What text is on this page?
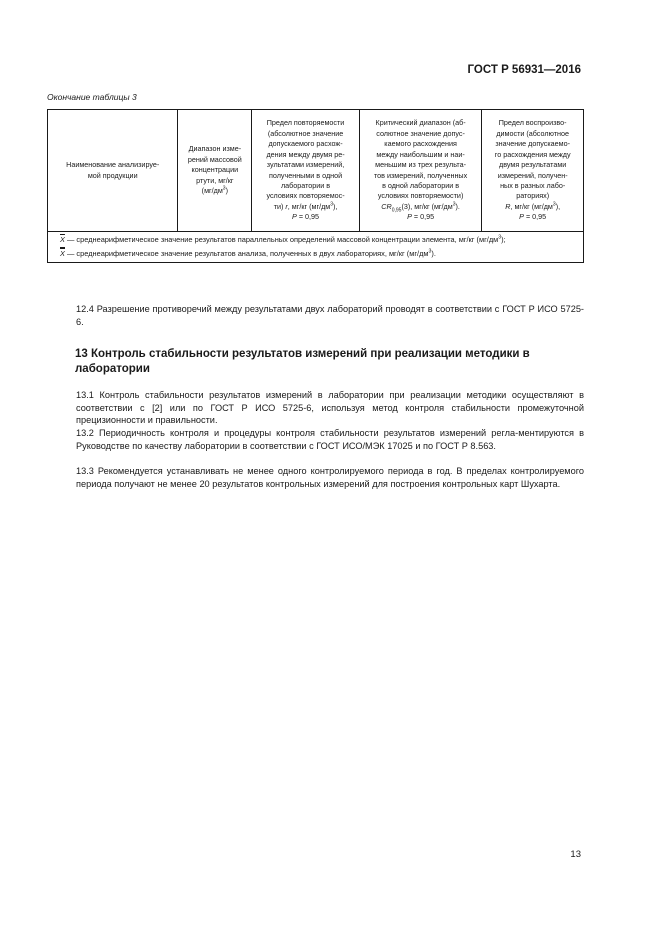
ГОСТ Р 56931—2016
Окончание таблицы 3
Наименование анализируе-
мой продукции	Диапазон изме-
рений массовой
концентрации
ртути, мг/кг
$(мг/дм^3)$	Предел повторяемости
(абсолютное значение
допускаемого расхож-
дения между двумя ре-
зультатами измерений,
полученными в одной
лаборатории в
условиях повторяемос-
ти) r, мг/кг $(мг/дм^3)$,
P = 0,95	Критический диапазон (аб-
солютное значение допус-
каемого расхождения
между наибольшим и наи-
меньшим из трех результа-
тов измерений, полученных
в одной лаборатории в
условиях повторяемости)
$CR_{0,95}(3)$, мг/кг $(мг/дм^3)$.
P = 0,95	Предел воспроизво-
димости (абсолютное
значение допускаемо-
го расхождения между
двумя результатами
измерений, получен-
ных в разных лабо-
раториях)
R, мг/кг $(мг/дм^3)$,
P = 0,95

$\overline{X}$ — среднеарифметическое значение результатов параллельных определений массовой концентрации элемента, мг/кг $(мг/дм^3)$;
X — среднеарифметическое значение результатов анализа, полученных в двух лабораториях, мг/кг $(мг/дм^3)$.
12.4 Разрешение противоречий между результатами двух лабораторий проводят в соответствии с ГОСТ Р ИСО 5725-6.
13 Контроль стабильности результатов измерений при реализации методики в лаборатории
13.1 Контроль стабильности результатов измерений в лаборатории при реализации методики осуществляют в соответствии с [2] или по ГОСТ Р ИСО 5725-6, используя метод контроля стабильности промежуточной прецизионности и правильности.
13.2 Периодичность контроля и процедуры контроля стабильности результатов измерений регла-ментируются в Руководстве по качеству лаборатории в соответствии с ГОСТ ИСО/МЭК 17025 и по ГОСТ Р 8.563.
13.3 Рекомендуется устанавливать не менее одного контролируемого периода в год. В пределах контролируемого периода получают не менее 20 результатов контрольных измерений для построения контрольных карт Шухарта.
13
